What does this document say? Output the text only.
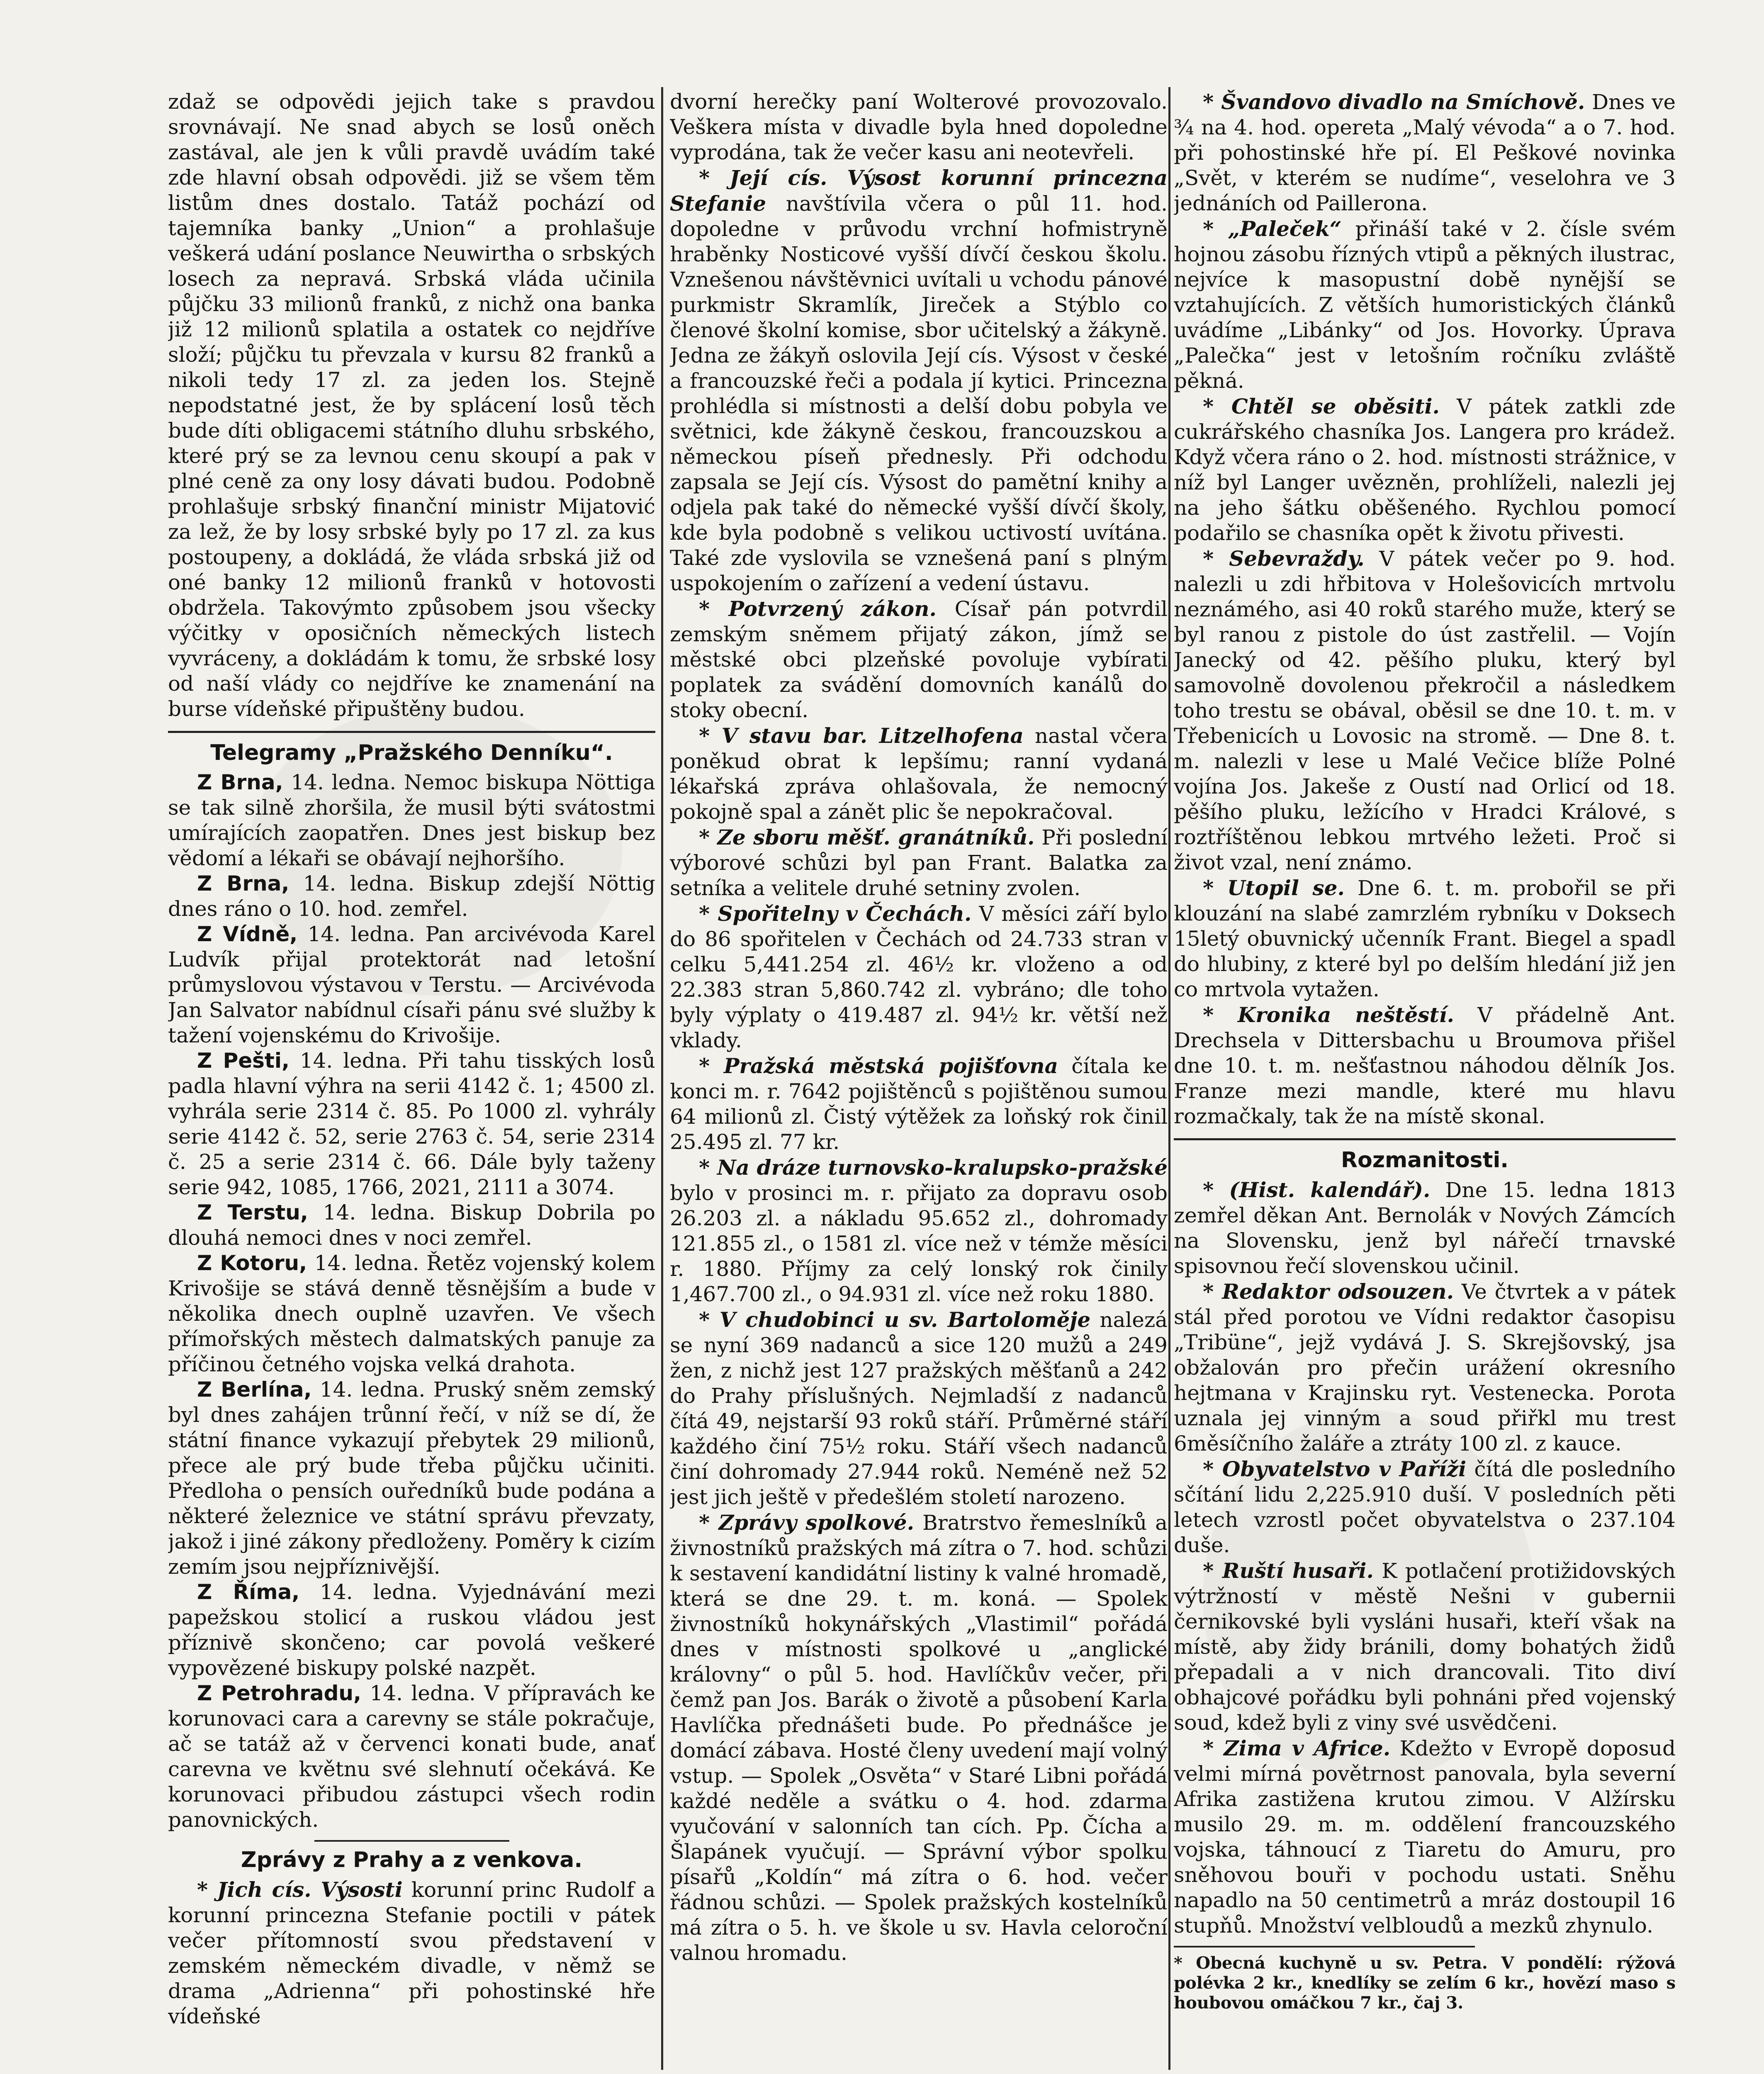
zdaž se odpovědi jejich take s pravdou srovnávají. Ne snad abych se losů oněch zastával, ale jen k vůli pravdě uvádím také zde hlavní obsah odpovědi. již se všem těm listům dnes dostalo. Tatáž pochází od tajemníka banky „Union“ a prohlašuje veškerá udání poslance Neuwirtha o srbských losech za nepravá. Srbská vláda učinila půjčku 33 milionů franků, z nichž ona banka již 12 milionů splatila a ostatek co nejdříve složí; půjčku tu převzala v kursu 82 franků a nikoli tedy 17 zl. za jeden los. Stejně nepodstatné jest, že by splácení losů těch bude díti obligacemi státního dluhu srbského, které prý se za levnou cenu skoupí a pak v plné ceně za ony losy dávati budou. Podobně prohlašuje srbský finanční ministr Mijatović za lež, že by losy srbské byly po 17 zl. za kus postoupeny, a dokládá, že vláda srbská již od oné banky 12 milionů franků v hotovosti obdržela. Takovýmto způsobem jsou všecky výčitky v oposičních německých listech vyvráceny, a dokládám k tomu, že srbské losy od naší vlády co nejdříve ke znamenání na burse vídeňské připuštěny budou.

Telegramy „Pražského Denníku“.

Z Brna, 14. ledna. Nemoc biskupa Nöttiga se tak silně zhoršila, že musil býti svátostmi umírajících zaopatřen. Dnes jest biskup bez vědomí a lékaři se obávají nejhoršího.

Z Brna, 14. ledna. Biskup zdejší Nöttig dnes ráno o 10. hod. zemřel.

Z Vídně, 14. ledna. Pan arcivévoda Karel Ludvík přijal protektorát nad letošní průmyslovou výstavou v Terstu. — Arcivévoda Jan Salvator nabídnul císaři pánu své služby k tažení vojenskému do Krivošije.

Z Pešti, 14. ledna. Při tahu tisských losů padla hlavní výhra na serii 4142 č. 1; 4500 zl. vyhrála serie 2314 č. 85. Po 1000 zl. vyhrály serie 4142 č. 52, serie 2763 č. 54, serie 2314 č. 25 a serie 2314 č. 66. Dále byly taženy serie 942, 1085, 1766, 2021, 2111 a 3074.

Z Terstu, 14. ledna. Biskup Dobrila po dlouhá nemoci dnes v noci zemřel.

Z Kotoru, 14. ledna. Řetěz vojenský kolem Krivošije se stává denně těsnějším a bude v několika dnech ouplně uzavřen. Ve všech přímořských městech dalmatských panuje za příčinou četného vojska velká drahota.

Z Berlína, 14. ledna. Pruský sněm zemský byl dnes zahájen trůnní řečí, v níž se dí, že státní finance vykazují přebytek 29 milionů, přece ale prý bude třeba půjčku učiniti. Předloha o pensích ouředníků bude podána a některé železnice ve státní správu převzaty, jakož i jiné zákony předloženy. Poměry k cizím zemím jsou nejpříznivější.

Z Říma, 14. ledna. Vyjednávání mezi papežskou stolicí a ruskou vládou jest příznivě skončeno; car povolá veškeré vypovězené biskupy polské nazpět.

Z Petrohradu, 14. ledna. V přípravách ke korunovaci cara a carevny se stále pokračuje, ač se tatáž až v červenci konati bude, anať carevna ve květnu své slehnutí očekává. Ke korunovaci přibudou zástupci všech rodin panovnických.

Zprávy z Prahy a z venkova.

* Jich cís. Výsosti korunní princ Rudolf a korunní princezna Stefanie poctili v pátek večer přítomností svou představení v zemském německém divadle, v němž se drama „Adrienna“ při pohostinské hře vídeňské

dvorní herečky paní Wolterové provozovalo. Veškera místa v divadle byla hned dopoledne vyprodána, tak že večer kasu ani neotevřeli.

* Její cís. Výsost korunní princezna Stefanie navštívila včera o půl 11. hod. dopoledne v průvodu vrchní hofmistryně hraběnky Nosticové vyšší dívčí českou školu. Vznešenou návštěvnici uvítali u vchodu pánové purkmistr Skramlík, Jireček a Stýblo co členové školní komise, sbor učitelský a žákyně. Jedna ze žákyň oslovila Její cís. Výsost v české a francouzské řeči a podala jí kytici. Princezna prohlédla si místnosti a delší dobu pobyla ve světnici, kde žákyně českou, francouzskou a německou píseň přednesly. Při odchodu zapsala se Její cís. Výsost do pamětní knihy a odjela pak také do německé vyšší dívčí školy, kde byla podobně s velikou uctivostí uvítána. Také zde vyslovila se vznešená paní s plným uspokojením o zařízení a vedení ústavu.

* Potvrzený zákon. Císař pán potvrdil zemským sněmem přijatý zákon, jímž se městské obci plzeňské povoluje vybírati poplatek za svádění domovních kanálů do stoky obecní.

* V stavu bar. Litzelhofena nastal včera poněkud obrat k lepšímu; ranní vydaná lékařská zpráva ohlašovala, že nemocný pokojně spal a zánět plic še nepokračoval.

* Ze sboru měšť. granátníků. Při poslední výborové schůzi byl pan Frant. Balatka za setníka a velitele druhé setniny zvolen.

* Spořitelny v Čechách. V měsíci září bylo do 86 spořitelen v Čechách od 24.733 stran v celku 5,441.254 zl. 46½ kr. vloženo a od 22.383 stran 5,860.742 zl. vybráno; dle toho byly výplaty o 419.487 zl. 94½ kr. větší než vklady.

* Pražská městská pojišťovna čítala ke konci m. r. 7642 pojištěnců s pojištěnou sumou 64 milionů zl. Čistý výtěžek za loňský rok činil 25.495 zl. 77 kr.

* Na dráze turnovsko-kralupsko-pražské bylo v prosinci m. r. přijato za dopravu osob 26.203 zl. a nákladu 95.652 zl., dohromady 121.855 zl., o 1581 zl. více než v témže měsíci r. 1880. Příjmy za celý lonský rok činily 1,467.700 zl., o 94.931 zl. více než roku 1880.

* V chudobinci u sv. Bartoloměje nalezá se nyní 369 nadanců a sice 120 mužů a 249 žen, z nichž jest 127 pražských měšťanů a 242 do Prahy příslušných. Nejmladší z nadanců čítá 49, nejstarší 93 roků stáří. Průměrné stáří každého činí 75½ roku. Stáří všech nadanců činí dohromady 27.944 roků. Neméně než 52 jest jich ještě v předešlém století narozeno.

* Zprávy spolkové. Bratrstvo řemeslníků a živnostníků pražských má zítra o 7. hod. schůzi k sestavení kandidátní listiny k valné hromadě, která se dne 29. t. m. koná. — Spolek živnostníků hokynářských „Vlastimil“ pořádá dnes v místnosti spolkové u „anglické královny“ o půl 5. hod. Havlíčkův večer, při čemž pan Jos. Barák o životě a působení Karla Havlíčka přednášeti bude. Po přednášce je domácí zábava. Hosté členy uvedení mají volný vstup. — Spolek „Osvěta“ v Staré Libni pořádá každé neděle a svátku o 4. hod. zdarma vyučování v salonních tan cích. Pp. Čícha a Šlapánek vyučují. — Správní výbor spolku písařů „Koldín“ má zítra o 6. hod. večer řádnou schůzi. — Spolek pražských kostelníků má zítra o 5. h. ve škole u sv. Havla celoroční valnou hromadu.

* Švandovo divadlo na Smíchově. Dnes ve ¾ na 4. hod. opereta „Malý vévoda“ a o 7. hod. při pohostinské hře pí. El Peškové novinka „Svět, v kterém se nudíme“, veselohra ve 3 jednáních od Paillerona.

* „Paleček“ přináší také v 2. čísle svém hojnou zásobu řízných vtipů a pěkných ilustrac, nejvíce k masopustní době nynější se vztahujících. Z větších humoristických článků uvádíme „Libánky“ od Jos. Hovorky. Úprava „Palečka“ jest v letošním ročníku zvláště pěkná.

* Chtěl se oběsiti. V pátek zatkli zde cukrářského chasníka Jos. Langera pro krádež. Když včera ráno o 2. hod. místnosti strážnice, v níž byl Langer uvězněn, prohlíželi, nalezli jej na jeho šátku oběšeného. Rychlou pomocí podařilo se chasníka opět k životu přivesti.

* Sebevraždy. V pátek večer po 9. hod. nalezli u zdi hřbitova v Holešovicích mrtvolu neznámého, asi 40 roků starého muže, který se byl ranou z pistole do úst zastřelil. — Vojín Janecký od 42. pěšího pluku, který byl samovolně dovolenou překročil a následkem toho trestu se obával, oběsil se dne 10. t. m. v Třebenicích u Lovosic na stromě. — Dne 8. t. m. nalezli v lese u Malé Večice blíže Polné vojína Jos. Jakeše z Oustí nad Orlicí od 18. pěšího pluku, ležícího v Hradci Králové, s roztříštěnou lebkou mrtvého ležeti. Proč si život vzal, není známo.

* Utopil se. Dne 6. t. m. probořil se při klouzání na slabé zamrzlém rybníku v Doksech 15letý obuvnický učenník Frant. Biegel a spadl do hlubiny, z které byl po delším hledání již jen co mrtvola vytažen.

* Kronika neštěstí. V přádelně Ant. Drechsela v Dittersbachu u Broumova přišel dne 10. t. m. nešťastnou náhodou dělník Jos. Franze mezi mandle, které mu hlavu rozmačkaly, tak že na místě skonal.

Rozmanitosti.

* (Hist. kalendář). Dne 15. ledna 1813 zemřel děkan Ant. Bernolák v Nových Zámcích na Slovensku, jenž byl nářečí trnavské spisovnou řečí slovenskou učinil.

* Redaktor odsouzen. Ve čtvrtek a v pátek stál před porotou ve Vídni redaktor časopisu „Tribüne“, jejž vydává J. S. Skrejšovský, jsa obžalován pro přečin urážení okresního hejtmana v Krajinsku ryt. Vestenecka. Porota uznala jej vinným a soud přiřkl mu trest 6měsíčního žaláře a ztráty 100 zl. z kauce.

* Obyvatelstvo v Paříži čítá dle posledního sčítání lidu 2,225.910 duší. V posledních pěti letech vzrostl počet obyvatelstva o 237.104 duše.

* Ruští husaři. K potlačení protižidovských výtržností v městě Nešni v gubernii černikovské byli vysláni husaři, kteří však na místě, aby židy bránili, domy bohatých židů přepadali a v nich drancovali. Tito diví obhajcové pořádku byli pohnáni před vojenský soud, kdež byli z viny své usvědčeni.

* Zima v Africe. Kdežto v Evropě doposud velmi mírná povětrnost panovala, byla severní Afrika zastižena krutou zimou. V Alžírsku musilo 29. m. m. oddělení francouzského vojska, táhnoucí z Tiaretu do Amuru, pro sněhovou bouři v pochodu ustati. Sněhu napadlo na 50 centimetrů a mráz dostoupil 16 stupňů. Množství velbloudů a mezků zhynulo.

* Obecná kuchyně u sv. Petra. V pondělí: rýžová polévka 2 kr., knedlíky se zelím 6 kr., hovězí maso s houbovou omáčkou 7 kr., čaj 3.
